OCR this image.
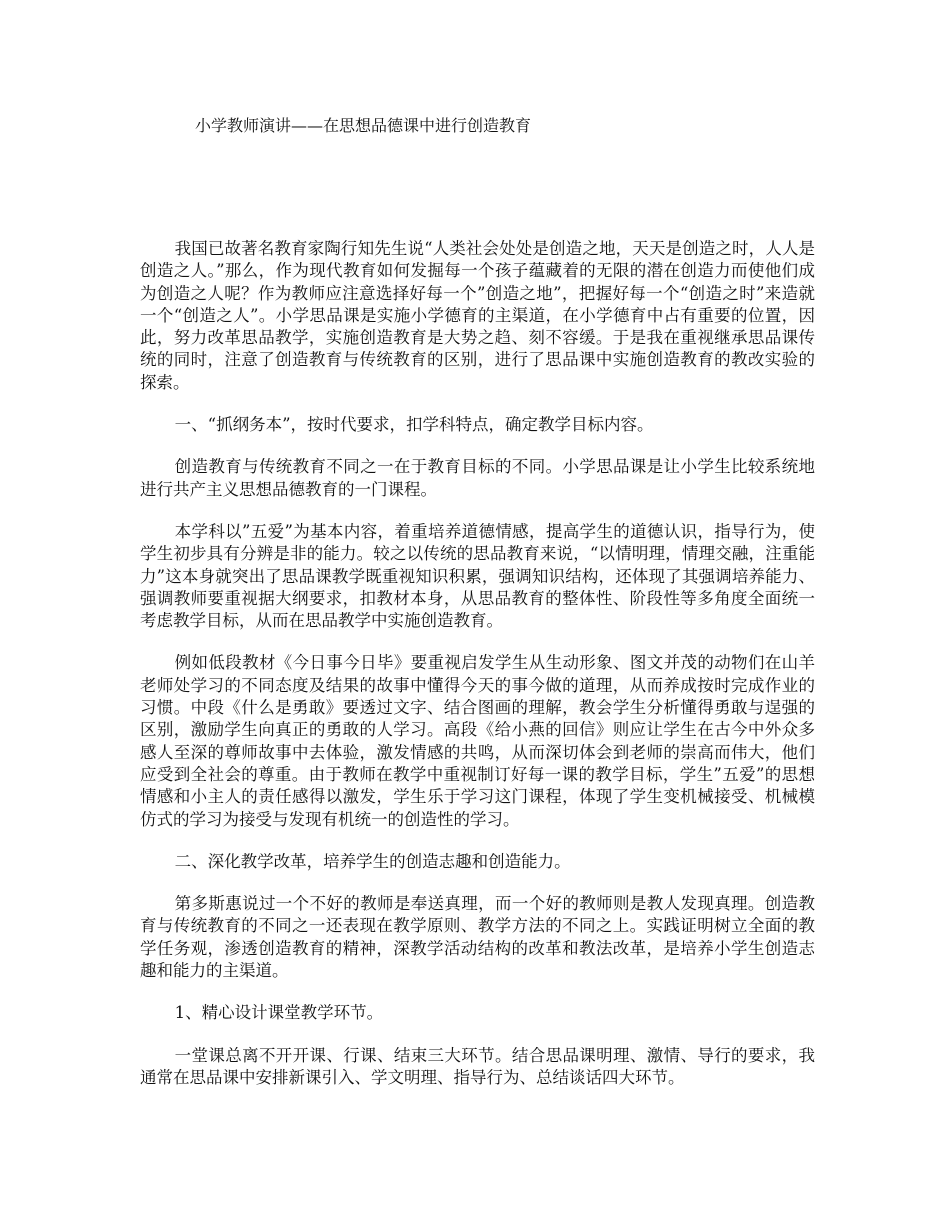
小学教师演讲——在思想品德课中进行创造教育

我国已故著名教育家陶行知先生说“人类社会处处是创造之地，天天是创造之时，人人是创造之人。”那么，作为现代教育如何发掘每一个孩子蕴藏着的无限的潜在创造力而使他们成为创造之人呢？作为教师应注意选择好每一个”创造之地”，把握好每一个“创造之时”来造就一个“创造之人”。小学思品课是实施小学德育的主渠道，在小学德育中占有重要的位置，因此，努力改革思品教学，实施创造教育是大势之趋、刻不容缓。于是我在重视继承思品课传统的同时，注意了创造教育与传统教育的区别，进行了思品课中实施创造教育的教改实验的探索。

一、“抓纲务本”，按时代要求，扣学科特点，确定教学目标内容。

创造教育与传统教育不同之一在于教育目标的不同。小学思品课是让小学生比较系统地进行共产主义思想品德教育的一门课程。

本学科以”五爱”为基本内容，着重培养道德情感，提高学生的道德认识，指导行为，使学生初步具有分辨是非的能力。较之以传统的思品教育来说，“以情明理，情理交融，注重能力”这本身就突出了思品课教学既重视知识积累，强调知识结构，还体现了其强调培养能力、强调教师要重视据大纲要求，扣教材本身，从思品教育的整体性、阶段性等多角度全面统一考虑教学目标，从而在思品教学中实施创造教育。

例如低段教材《今日事今日毕》要重视启发学生从生动形象、图文并茂的动物们在山羊老师处学习的不同态度及结果的故事中懂得今天的事今做的道理，从而养成按时完成作业的习惯。中段《什么是勇敢》要透过文字、结合图画的理解，教会学生分析懂得勇敢与逞强的区别，激励学生向真正的勇敢的人学习。高段《给小燕的回信》则应让学生在古今中外众多感人至深的尊师故事中去体验，激发情感的共鸣，从而深切体会到老师的崇高而伟大，他们应受到全社会的尊重。由于教师在教学中重视制订好每一课的教学目标，学生”五爱”的思想情感和小主人的责任感得以激发，学生乐于学习这门课程，体现了学生变机械接受、机械模仿式的学习为接受与发现有机统一的创造性的学习。

二、深化教学改革，培养学生的创造志趣和创造能力。

第多斯惠说过一个不好的教师是奉送真理，而一个好的教师则是教人发现真理。创造教育与传统教育的不同之一还表现在教学原则、教学方法的不同之上。实践证明树立全面的教学任务观，渗透创造教育的精神，深教学活动结构的改革和教法改革，是培养小学生创造志趣和能力的主渠道。

1、精心设计课堂教学环节。

一堂课总离不开开课、行课、结束三大环节。结合思品课明理、激情、导行的要求，我通常在思品课中安排新课引入、学文明理、指导行为、总结谈话四大环节。
